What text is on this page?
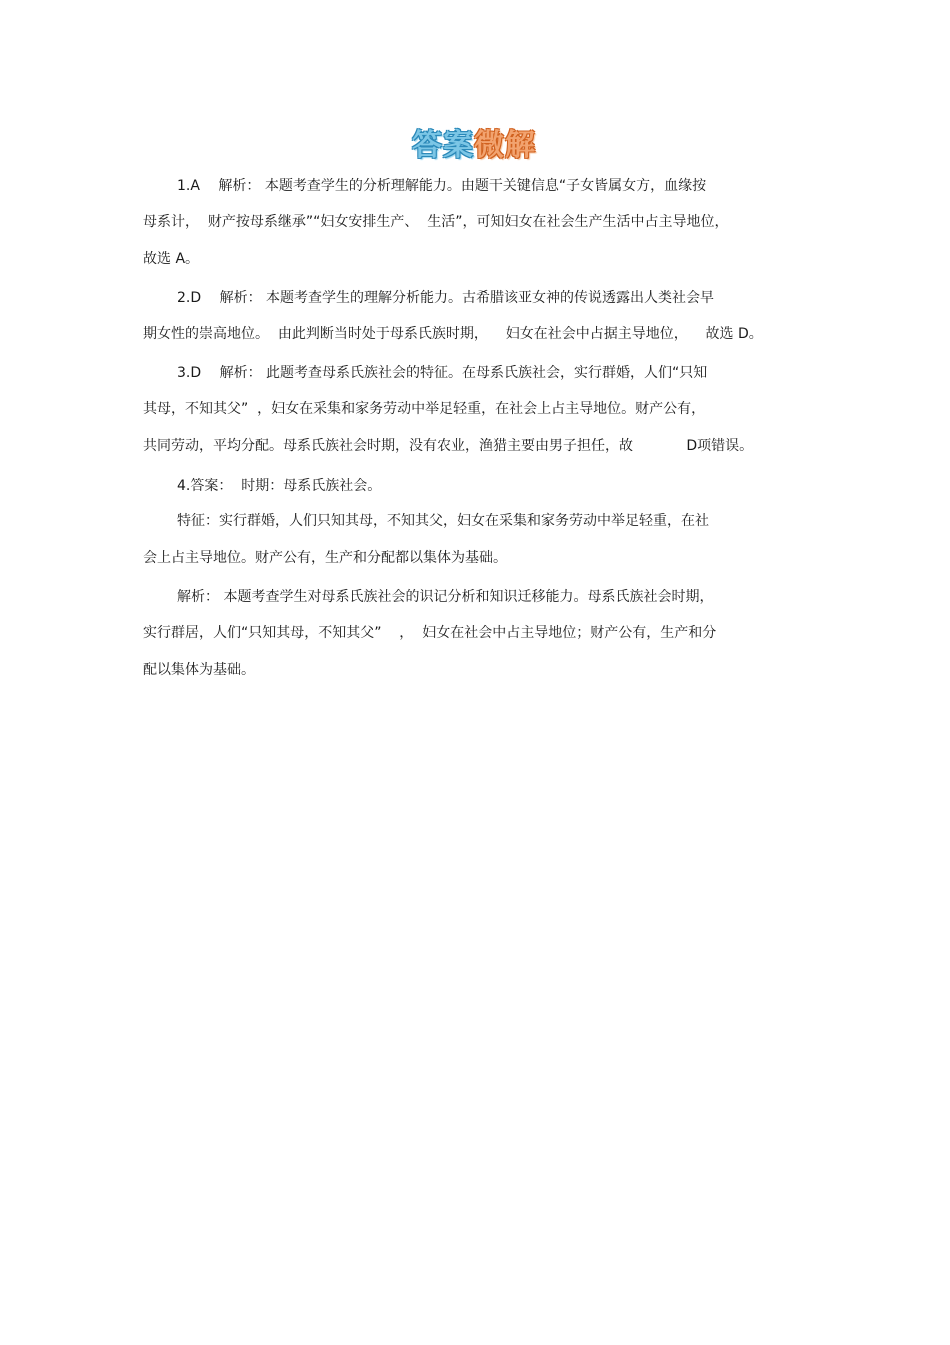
答案微解
1.A　 解析： 本题考查学生的分析理解能力。由题干关键信息“子女皆属女方，血缘按
母系计，  财产按母系继承”“妇女安排生产、  生活”，可知妇女在社会生产生活中占主导地位，
故选 A。
2.D　 解析： 本题考查学生的理解分析能力。古希腊该亚女神的传说透露出人类社会早
期女性的崇高地位。  由此判断当时处于母系氏族时期，    妇女在社会中占据主导地位，    故选 D。
3.D　 解析： 此题考查母系氏族社会的特征。在母系氏族社会，实行群婚，人们“只知
其母，不知其父”  ，妇女在采集和家务劳动中举足轻重，在社会上占主导地位。财产公有，
共同劳动，平均分配。母系氏族社会时期，没有农业，渔猎主要由男子担任，故            D项错误。
4.答案：  时期：母系氏族社会。
特征：实行群婚，人们只知其母，不知其父，妇女在采集和家务劳动中举足轻重，在社
会上占主导地位。财产公有，生产和分配都以集体为基础。
解析： 本题考查学生对母系氏族社会的识记分析和知识迁移能力。母系氏族社会时期，
实行群居，人们“只知其母，不知其父”    ，  妇女在社会中占主导地位；财产公有，生产和分
配以集体为基础。
